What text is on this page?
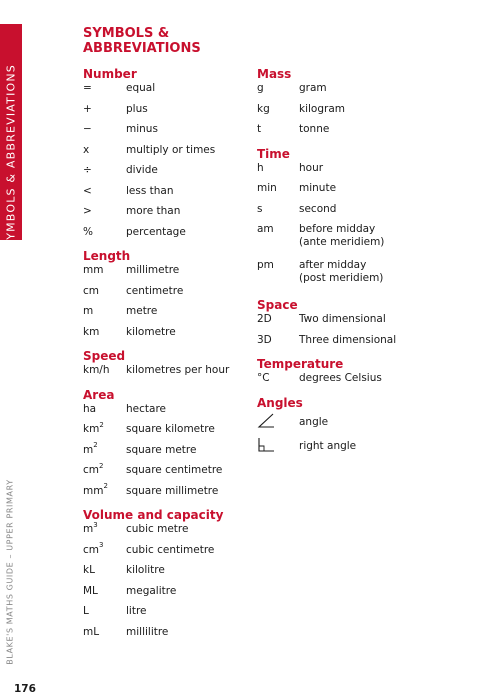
SYMBOLS & ABBREVIATIONS
BLAKE'S MATHS GUIDE – UPPER PRIMARY
176
SYMBOLS &
ABBREVIATIONS
Number
=	equal
+	plus
−	minus
x	multiply or times
÷	divide
<	less than
>	more than
%	percentage
Length
mm	millimetre
cm	centimetre
m	metre
km	kilometre
Speed
km/h	kilometres per hour
Area
ha	hectare
$km^2$	square kilometre
$m^2$	square metre
$cm^2$	square centimetre
$mm^2$	square millimetre
Volume and capacity
$m^3$	cubic metre
$cm^3$	cubic centimetre
kL	kilolitre
ML	megalitre
L	litre
mL	millilitre
Mass
g	gram
kg	kilogram
t	tonne
Time
h	hour
min	minute
s	second
am	before midday
(ante meridiem)
pm	after midday
(post meridiem)
Space
2D	Two dimensional
3D	Three dimensional
Temperature
°C	degrees Celsius
Angles
angle
right angle
